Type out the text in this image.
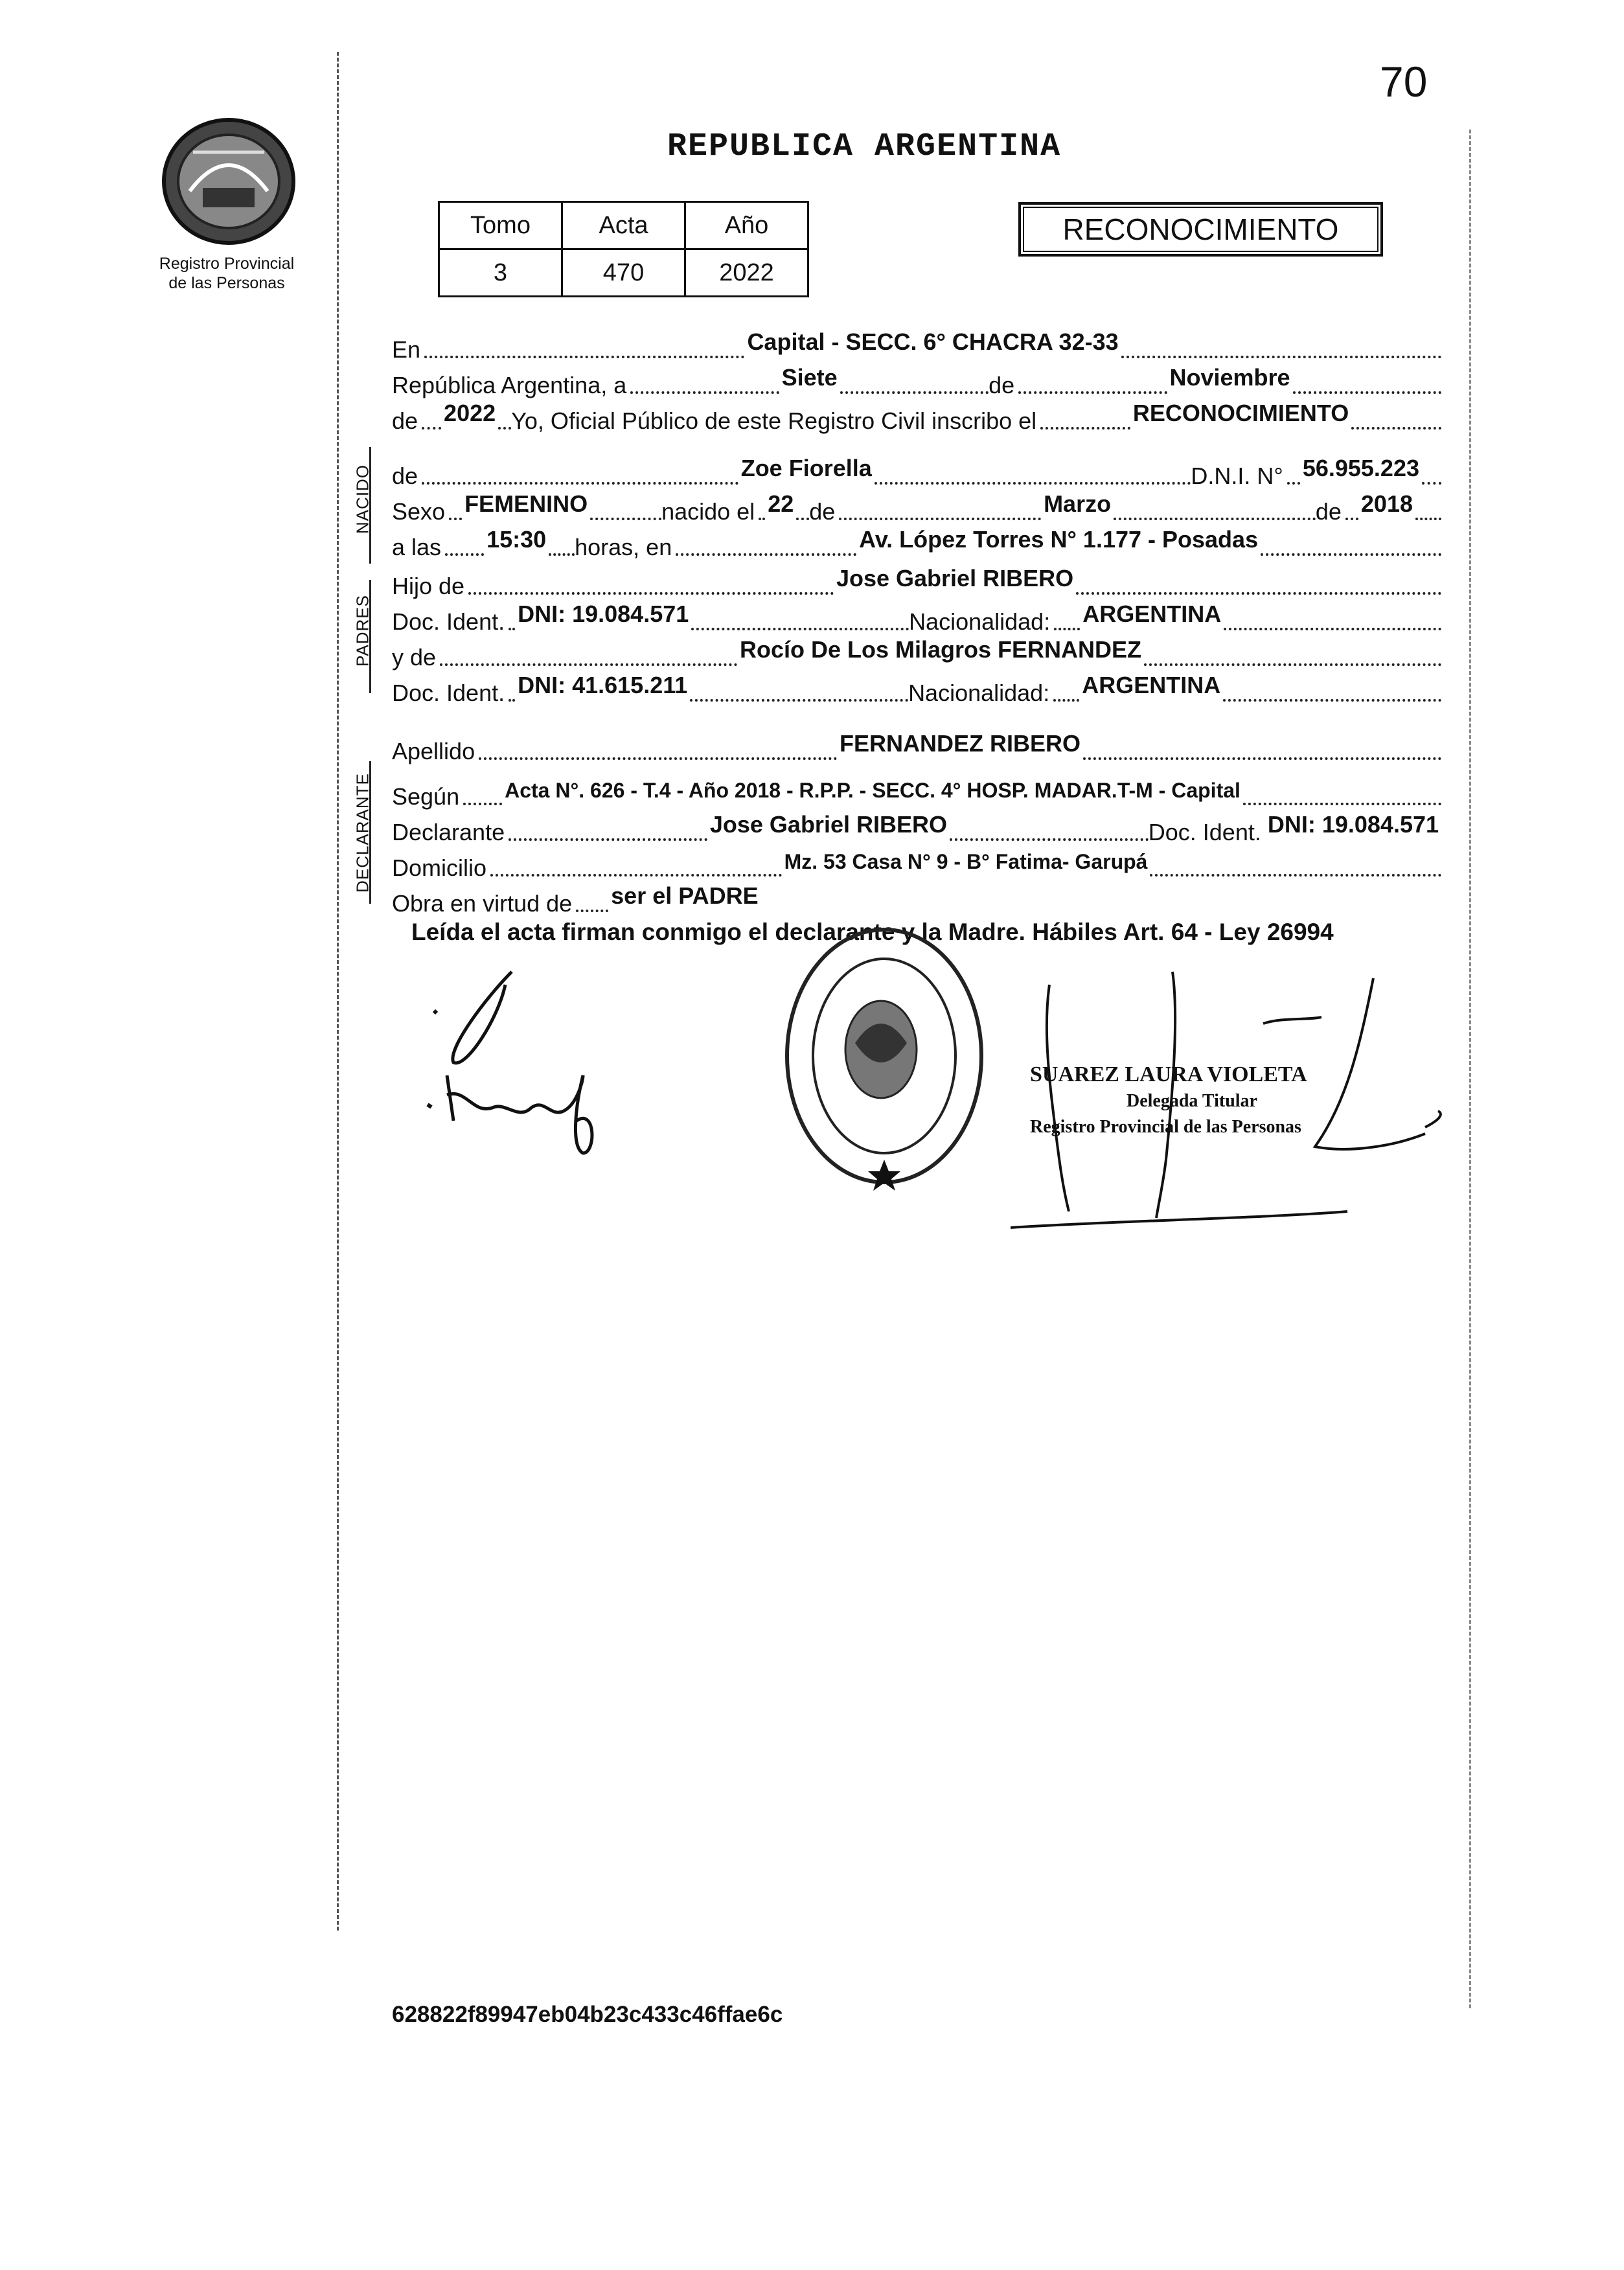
70
Registro Provincial
de las Personas
REPUBLICA ARGENTINA
Tomo	Acta	Año
3	470	2022
RECONOCIMIENTO
En	Capital - SECC. 6° CHACRA 32-33
República Argentina, a	Siete	de	Noviembre
de 2022 Yo, Oficial Público de este Registro Civil inscribo el	RECONOCIMIENTO
NACIDO de	Zoe Fiorella	D.N.I. N° 56.955.223
Sexo FEMENINO	nacido el 22 de	Marzo	de 2018
a las 15:30 horas, en	Av. López Torres N° 1.177 - Posadas
PADRES
Hijo de	Jose Gabriel RIBERO
Doc. Ident. DNI: 19.084.571	Nacionalidad: ARGENTINA
y de	Rocío De Los Milagros FERNANDEZ
Doc. Ident. DNI: 41.615.211	Nacionalidad: ARGENTINA
Apellido	FERNANDEZ RIBERO
DECLARANTE Según Acta N°. 626 - T.4 - Año 2018 - R.P.P. - SECC. 4° HOSP. MADAR.T-M - Capital
Declarante	Jose Gabriel RIBERO	Doc. Ident. DNI: 19.084.571
Domicilio	Mz. 53 Casa N° 9 - B° Fatima- Garupá
Obra en virtud de ser el PADRE
Leída el acta firman conmigo el declarante y la Madre. Hábiles Art. 64 - Ley 26994
SUAREZ LAURA VIOLETA
Delegada Titular
Registro Provincial de las Personas
628822f89947eb04b23c433c46ffae6c
